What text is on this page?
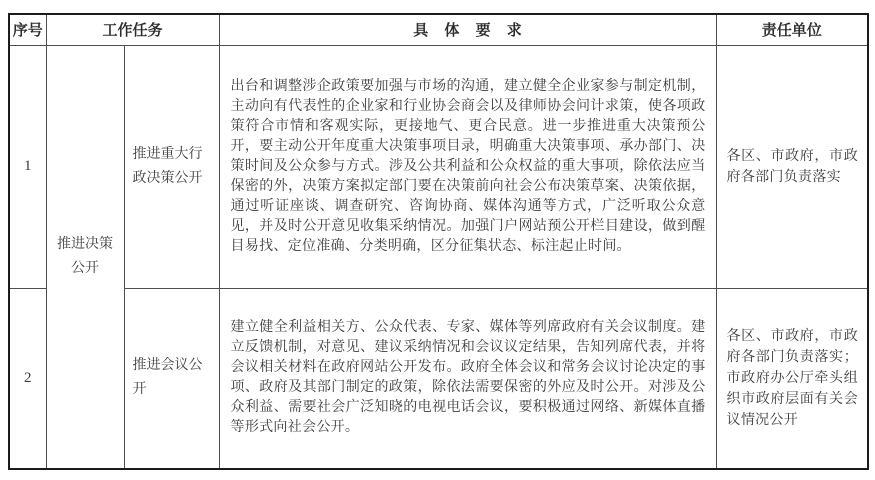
序号	工作任务		具 体 要 求	责任单位
1	推进决策公开	推进重大行政决策公开	出台和调整涉企政策要加强与市场的沟通，建立健全企业家参与制定机制，主动向有代表性的企业家和行业协会商会以及律师协会问计求策，使各项政策符合市情和客观实际，更接地气、更合民意。进一步推进重大决策预公开，要主动公开年度重大决策事项目录，明确重大决策事项、承办部门、决策时间及公众参与方式。涉及公共利益和公众权益的重大事项，除依法应当保密的外，决策方案拟定部门要在决策前向社会公布决策草案、决策依据，通过听证座谈、调查研究、咨询协商、媒体沟通等方式，广泛听取公众意见，并及时公开意见收集采纳情况。加强门户网站预公开栏目建设，做到醒目易找、定位准确、分类明确，区分征集状态、标注起止时间。	各区、市政府，市政府各部门负责落实
2		推进会议公开	建立健全利益相关方、公众代表、专家、媒体等列席政府有关会议制度。建立反馈机制，对意见、建议采纳情况和会议议定结果，告知列席代表，并将会议相关材料在政府网站公开发布。政府全体会议和常务会议讨论决定的事项、政府及其部门制定的政策，除依法需要保密的外应及时公开。对涉及公众利益、需要社会广泛知晓的电视电话会议，要积极通过网络、新媒体直播等形式向社会公开。	各区、市政府，市政府各部门负责落实；市政府办公厅牵头组织市政府层面有关会议情况公开
